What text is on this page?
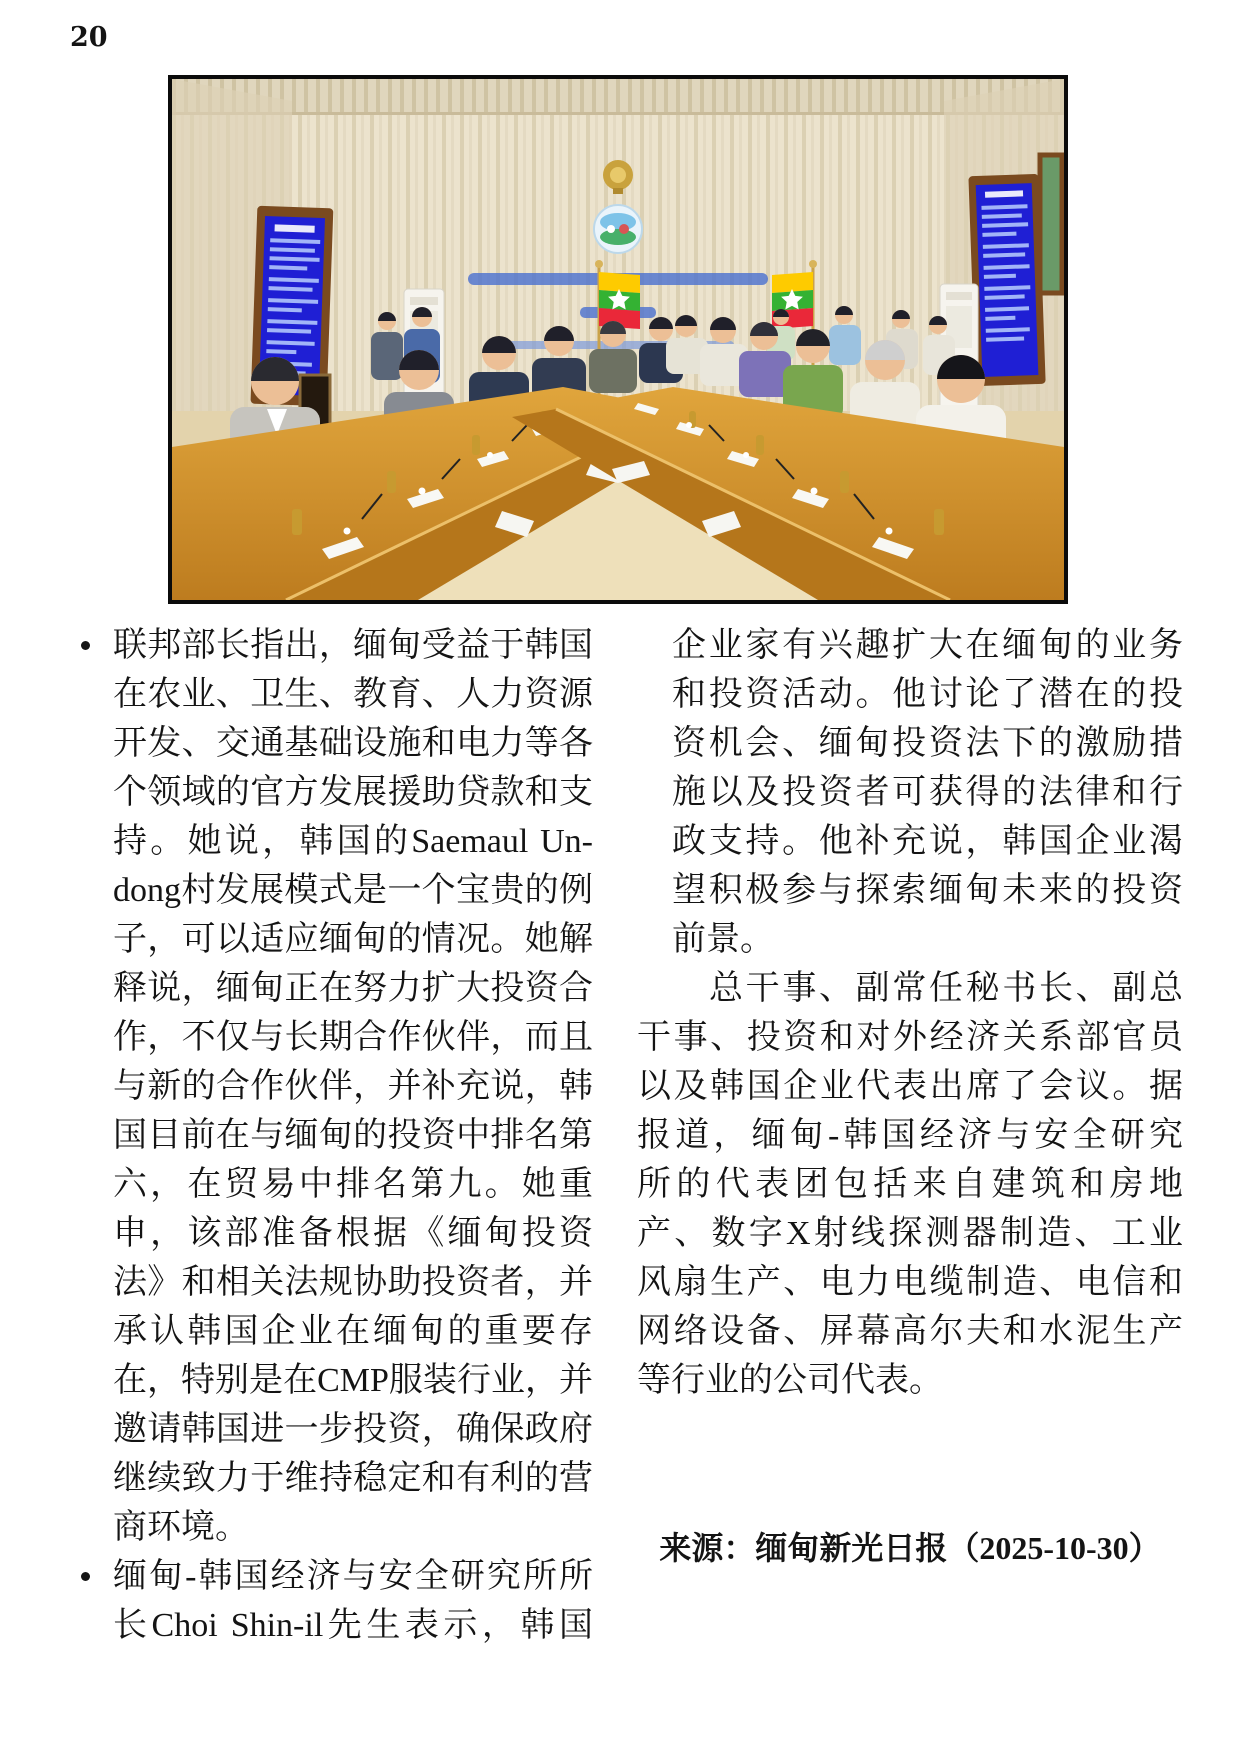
20
联邦部长指出，缅甸受益于韩国
在农业、卫生、教育、人力资源
开发、交通基础设施和电力等各
个领域的官方发展援助贷款和支
持。她说，韩国的Saemaul Un-
dong村发展模式是一个宝贵的例
子，可以适应缅甸的情况。她解
释说，缅甸正在努力扩大投资合
作，不仅与长期合作伙伴，而且
与新的合作伙伴，并补充说，韩
国目前在与缅甸的投资中排名第
六，在贸易中排名第九。她重
申，该部准备根据《缅甸投资
法》和相关法规协助投资者，并
承认韩国企业在缅甸的重要存
在，特别是在CMP服装行业，并
邀请韩国进一步投资，确保政府
继续致力于维持稳定和有利的营
商环境。
缅甸-韩国经济与安全研究所所
长Choi Shin-il先生表示，韩国
企业家有兴趣扩大在缅甸的业务
和投资活动。他讨论了潜在的投
资机会、缅甸投资法下的激励措
施以及投资者可获得的法律和行
政支持。他补充说，韩国企业渴
望积极参与探索缅甸未来的投资
前景。
总干事、副常任秘书长、副总
干事、投资和对外经济关系部官员
以及韩国企业代表出席了会议。据
报道，缅甸-韩国经济与安全研究
所的代表团包括来自建筑和房地
产、数字X射线探测器制造、工业
风扇生产、电力电缆制造、电信和
网络设备、屏幕高尔夫和水泥生产
等行业的公司代表。
来源：缅甸新光日报（2025-10-30）
